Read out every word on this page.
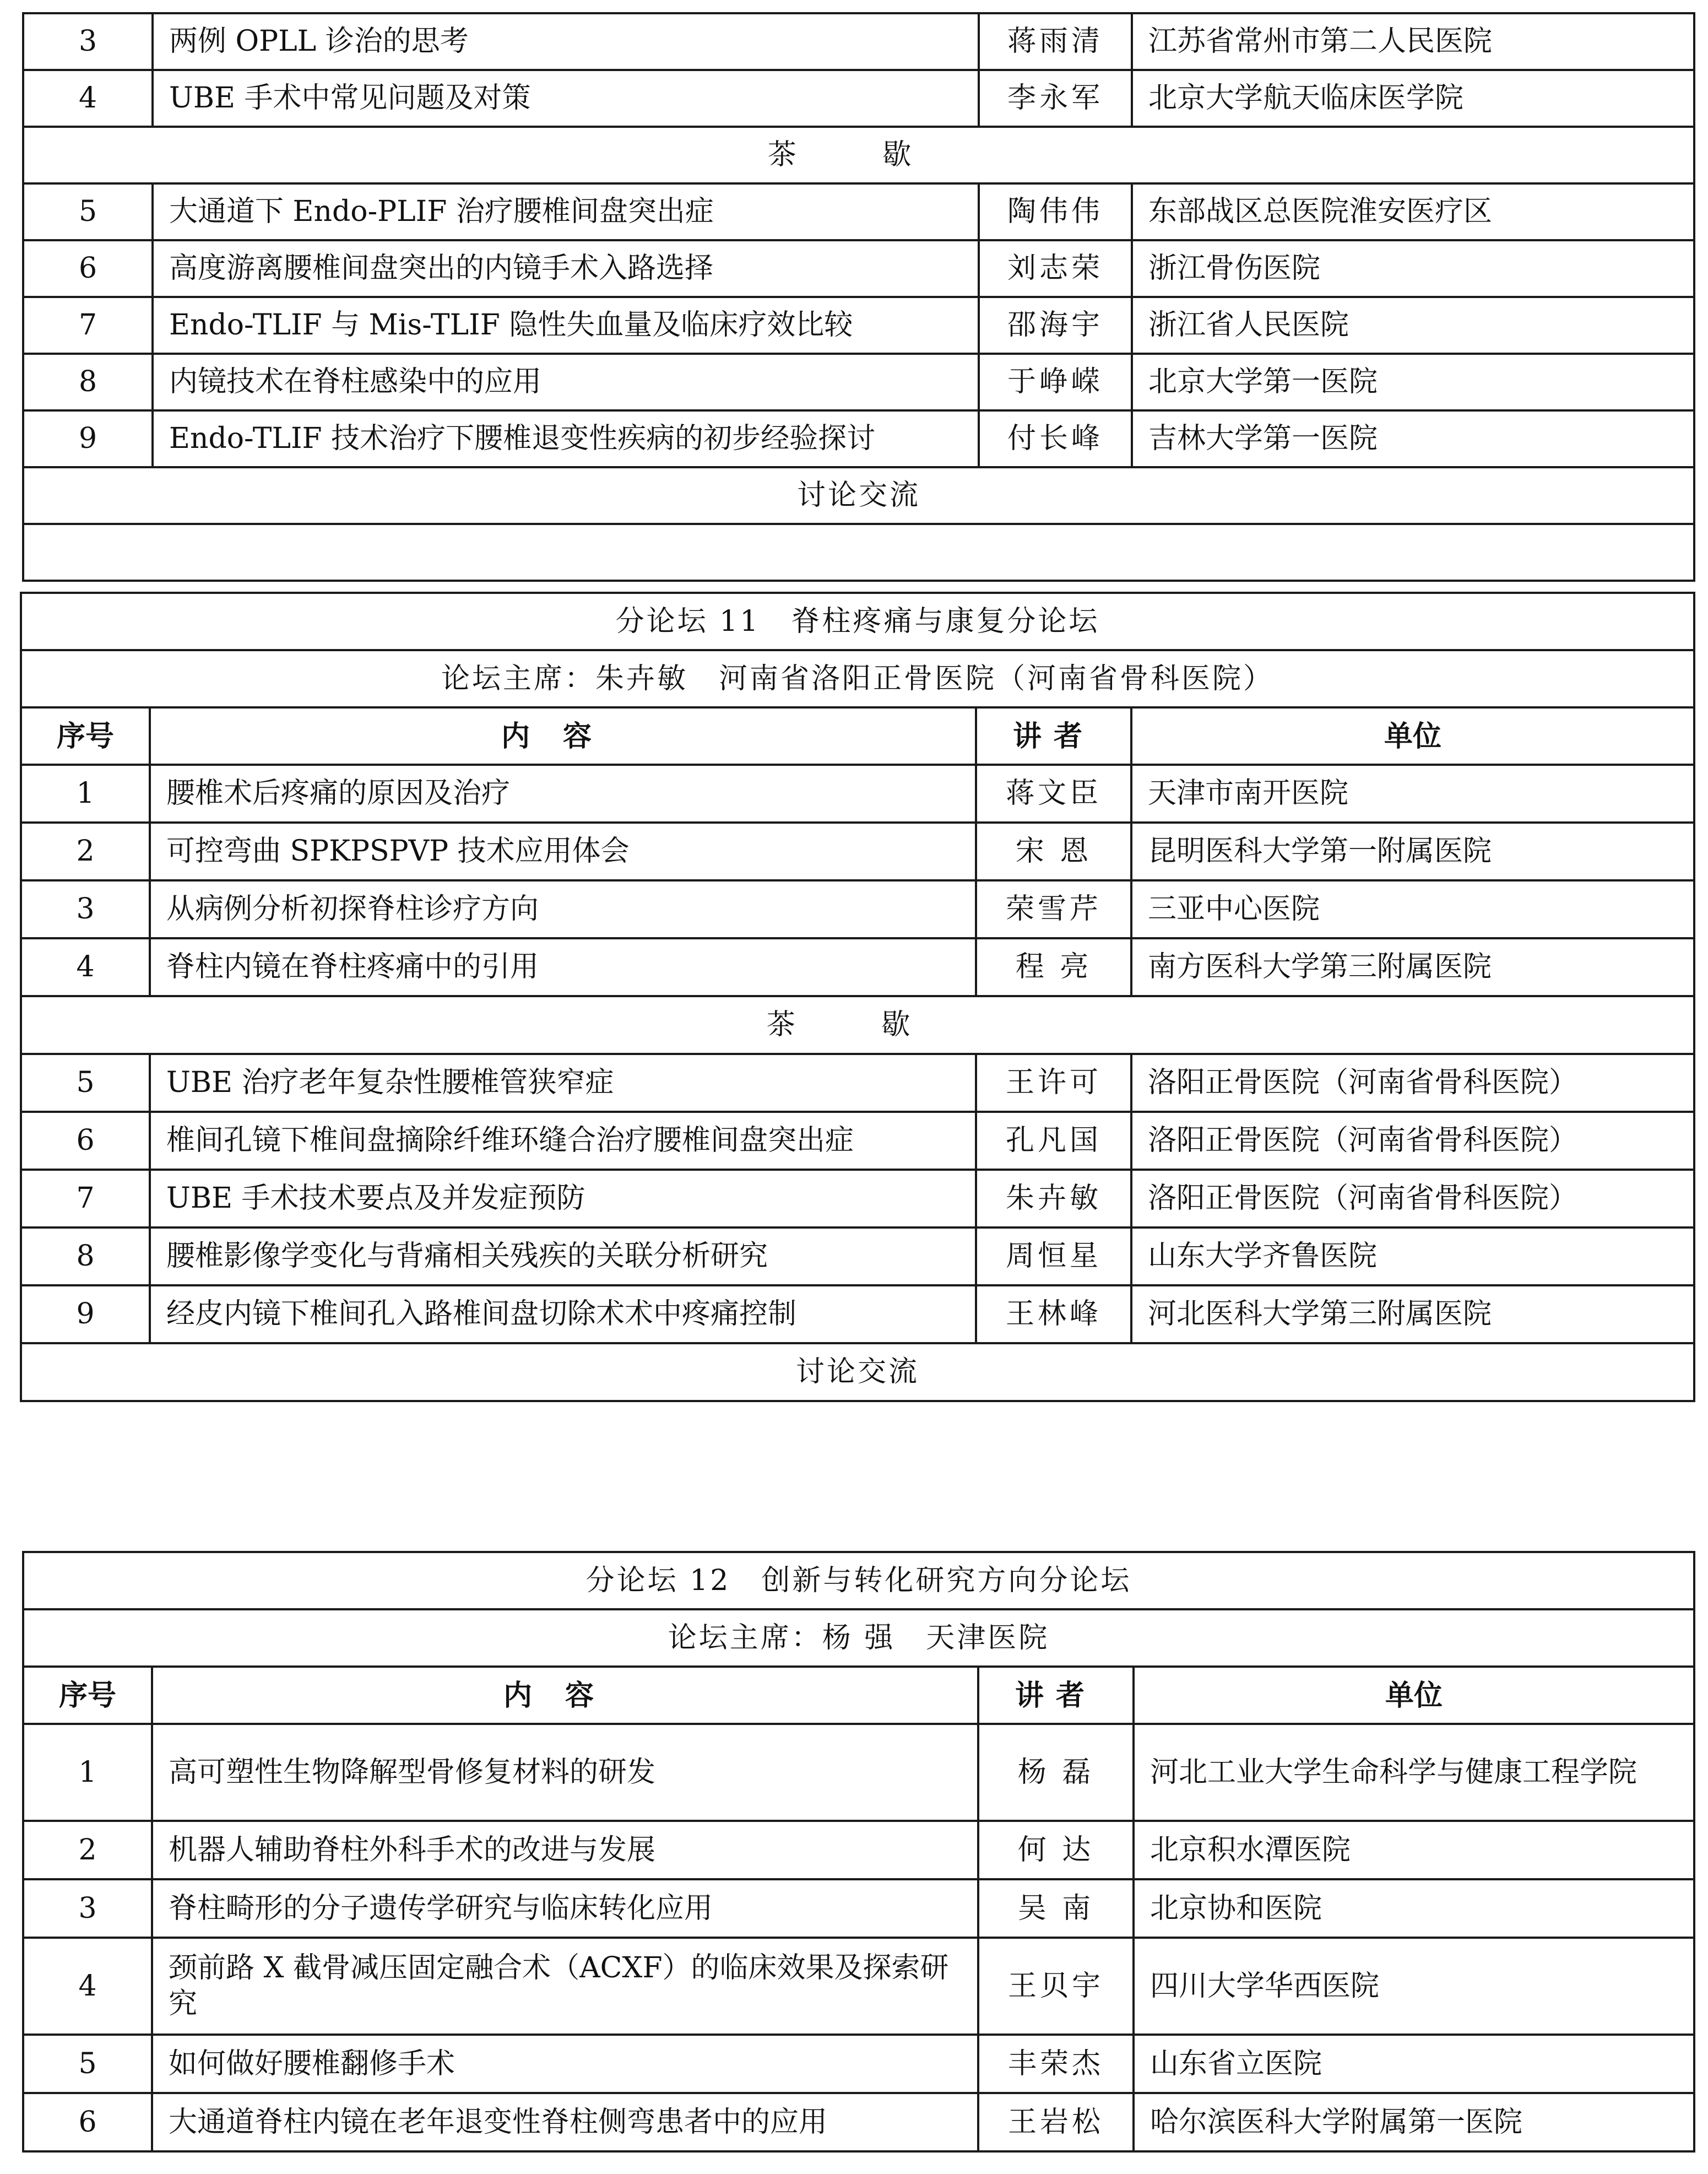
3	两例 OPLL 诊治的思考	蒋雨清	江苏省常州市第二人民医院
4	UBE 手术中常见问题及对策	李永军	北京大学航天临床医学院
茶 歇			
5	大通道下 Endo-PLIF 治疗腰椎间盘突出症	陶伟伟	东部战区总医院淮安医疗区
6	高度游离腰椎间盘突出的内镜手术入路选择	刘志荣	浙江骨伤医院
7	Endo-TLIF 与 Mis-TLIF 隐性失血量及临床疗效比较	邵海宇	浙江省人民医院
8	内镜技术在脊柱感染中的应用	于峥嵘	北京大学第一医院
9	Endo-TLIF 技术治疗下腰椎退变性疾病的初步经验探讨	付长峰	吉林大学第一医院
讨论交流			

分论坛 11　脊柱疼痛与康复分论坛			
论坛主席：朱卉敏　河南省洛阳正骨医院（河南省骨科医院）			
序号	内容	讲者	单位
1	腰椎术后疼痛的原因及治疗	蒋文臣	天津市南开医院
2	可控弯曲 SPKPSPVP 技术应用体会	宋 恩	昆明医科大学第一附属医院
3	从病例分析初探脊柱诊疗方向	荣雪芹	三亚中心医院
4	脊柱内镜在脊柱疼痛中的引用	程 亮	南方医科大学第三附属医院
茶 歇			
5	UBE 治疗老年复杂性腰椎管狭窄症	王许可	洛阳正骨医院（河南省骨科医院）
6	椎间孔镜下椎间盘摘除纤维环缝合治疗腰椎间盘突出症	孔凡国	洛阳正骨医院（河南省骨科医院）
7	UBE 手术技术要点及并发症预防	朱卉敏	洛阳正骨医院（河南省骨科医院）
8	腰椎影像学变化与背痛相关残疾的关联分析研究	周恒星	山东大学齐鲁医院
9	经皮内镜下椎间孔入路椎间盘切除术术中疼痛控制	王林峰	河北医科大学第三附属医院
讨论交流			
分论坛 12　创新与转化研究方向分论坛			
论坛主席：杨 强　天津医院			
序号	内容	讲者	单位
1	高可塑性生物降解型骨修复材料的研发	杨 磊	河北工业大学生命科学与健康工程学院
2	机器人辅助脊柱外科手术的改进与发展	何 达	北京积水潭医院
3	脊柱畸形的分子遗传学研究与临床转化应用	吴 南	北京协和医院
4	颈前路 X 截骨减压固定融合术（ACXF）的临床效果及探索研究	王贝宇	四川大学华西医院
5	如何做好腰椎翻修手术	丰荣杰	山东省立医院
6	大通道脊柱内镜在老年退变性脊柱侧弯患者中的应用	王岩松	哈尔滨医科大学附属第一医院
